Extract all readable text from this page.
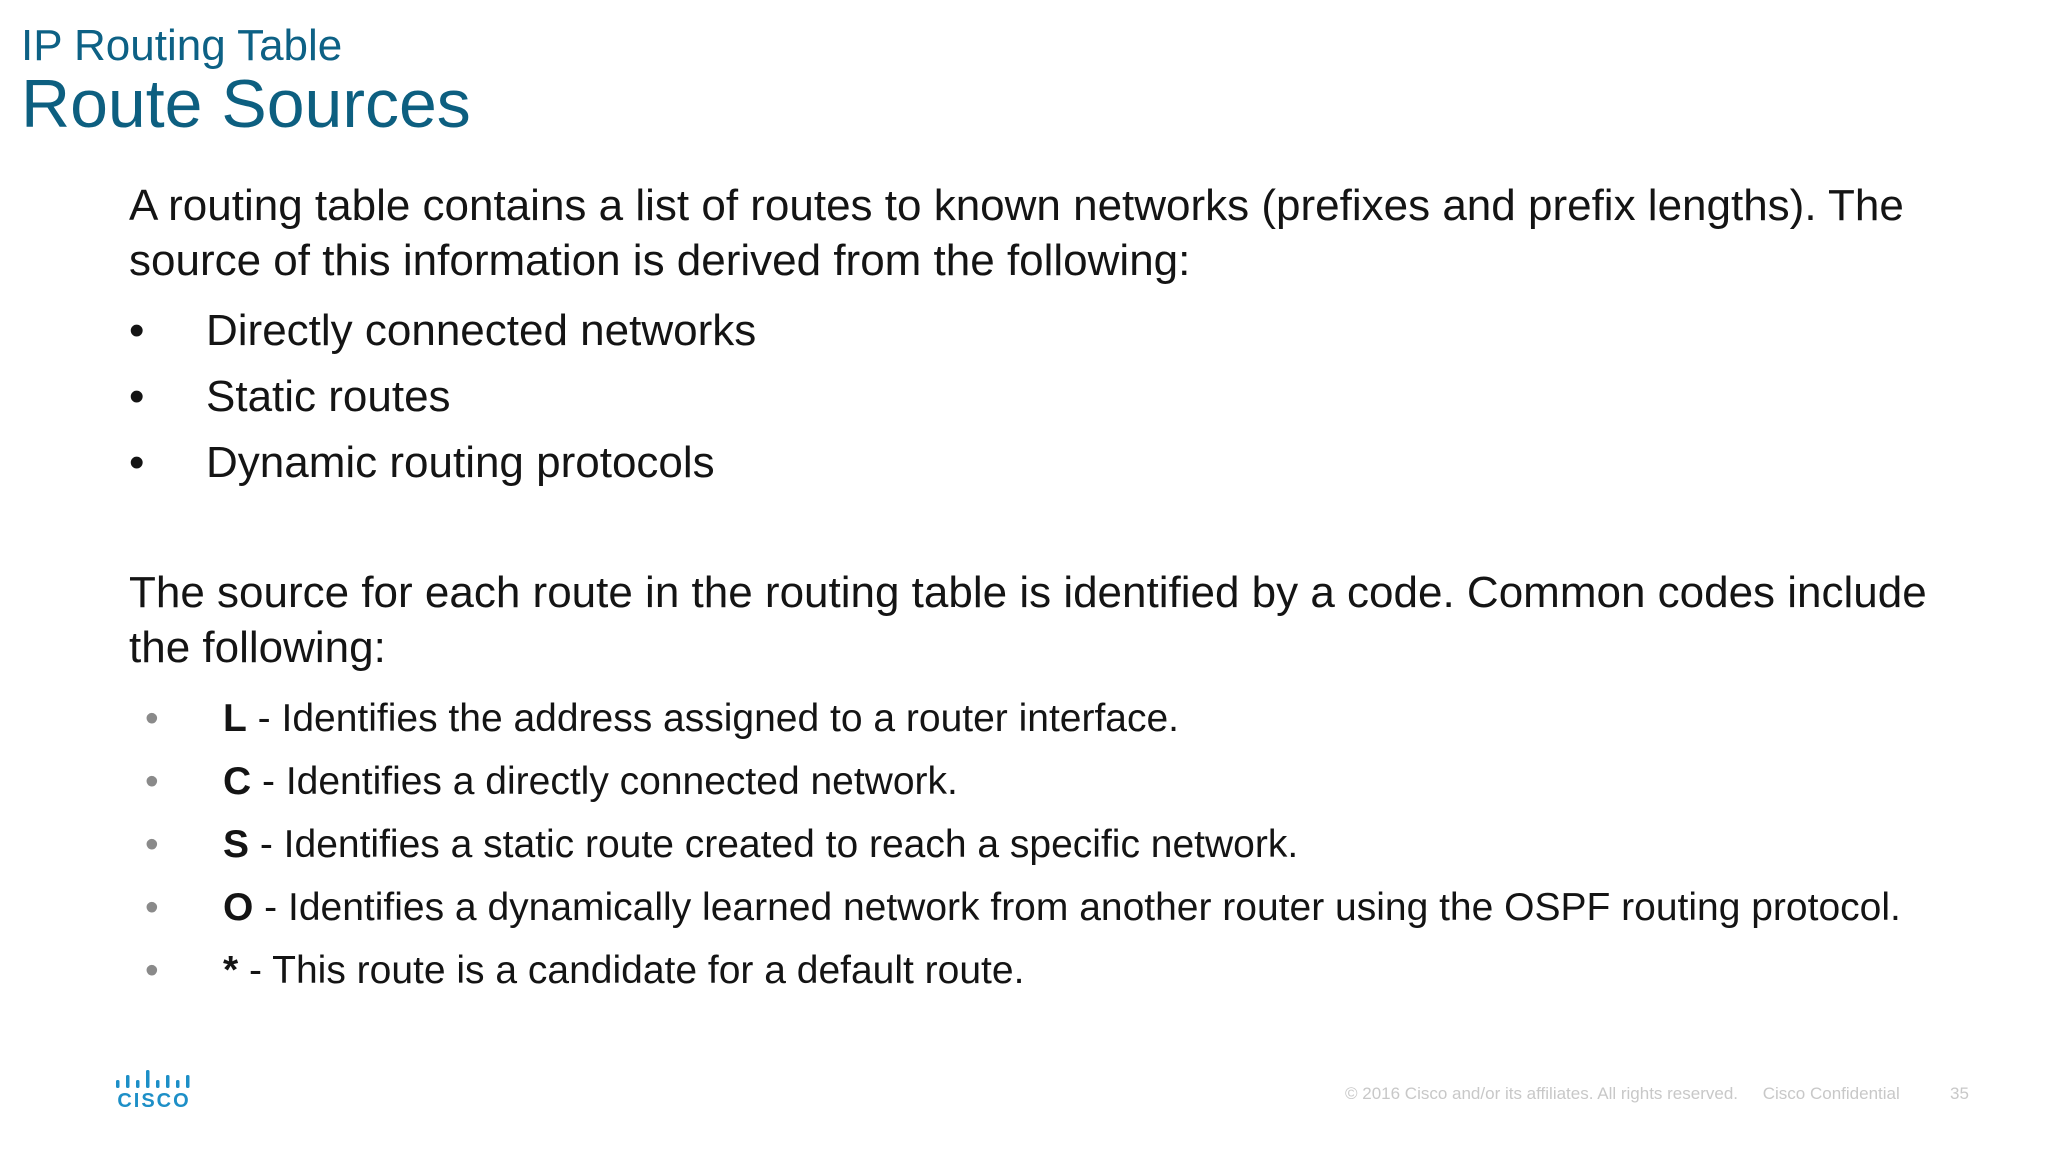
IP Routing Table
Route Sources

A routing table contains a list of routes to known networks (prefixes and prefix lengths). The source of this information is derived from the following:

• Directly connected networks
• Static routes
• Dynamic routing protocols

The source for each route in the routing table is identified by a code. Common codes include the following:

• L - Identifies the address assigned to a router interface.
• C - Identifies a directly connected network.
• S - Identifies a static route created to reach a specific network.
• O - Identifies a dynamically learned network from another router using the OSPF routing protocol.
• * - This route is a candidate for a default route.
CISCO	© 2016 Cisco and/or its affiliates. All rights reserved. Cisco Confidential	35
